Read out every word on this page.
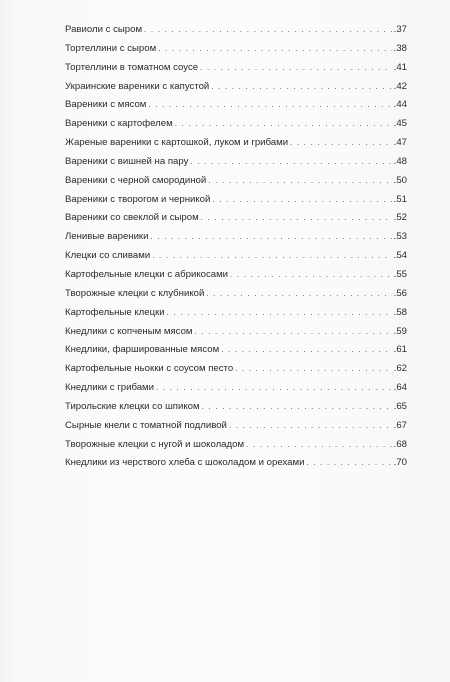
Равиоли с сыром . . .	.37
Тортеллини с сыром . . .	.38
Тортеллини в томатном соусе . . .	.41
Украинские вареники с капустой . . .	.42
Вареники с мясом . . .	.44
Вареники с картофелем . . .	.45
Жареные вареники с картошкой, луком и грибами . . .	.47
Вареники с вишней на пару . . .	.48
Вареники с черной смородиной . . .	.50
Вареники с творогом и черникой . . .	.51
Вареники со свеклой и сыром . . .	.52
Ленивые вареники . . .	.53
Клецки со сливами . . .	.54
Картофельные клецки с абрикосами . . .	.55
Творожные клецки с клубникой . . .	.56
Картофельные клецки . . .	.58
Кнедлики с копченым мясом . . .	.59
Кнедлики, фаршированные мясом . . .	.61
Картофельные ньокки с соусом песто . . .	.62
Кнедлики с грибами . . .	.64
Тирольские клецки со шпиком . . .	.65
Сырные кнели с томатной подливой . . .	.67
Творожные клецки с нугой и шоколадом . . .	.68
Кнедлики из черствого хлеба с шоколадом и орехами . . .	.70
